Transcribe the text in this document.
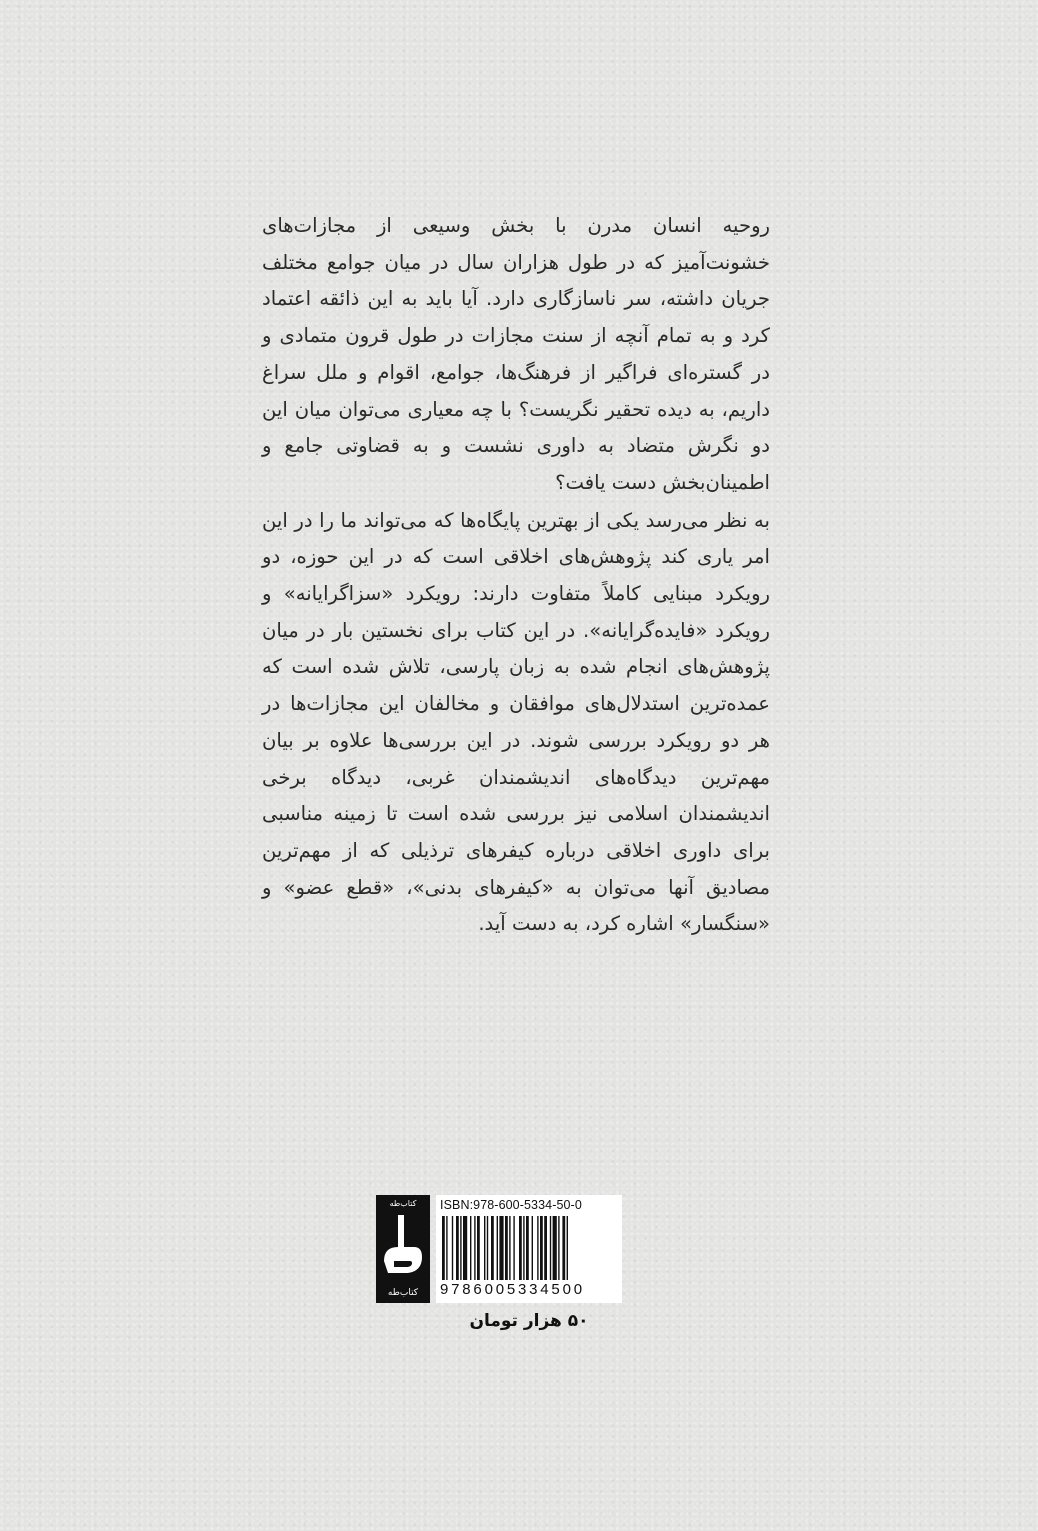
روحیه انسان مدرن با بخش وسیعی از مجازات‌های خشونت‌آمیز که در طول هزاران سال در میان جوامع مختلف جریان داشته، سر ناسازگاری دارد. آیا باید به این ذائقه اعتماد کرد و به تمام آنچه از سنت مجازات در طول قرون متمادی و در گستره‌ای فراگیر از فرهنگ‌ها، جوامع، اقوام و ملل سراغ داریم، به دیده تحقیر نگریست؟ با چه معیاری می‌توان میان این دو نگرش متضاد به داوری نشست و به قضاوتی جامع و اطمینان‌بخش دست یافت؟

به نظر می‌رسد یکی از بهترین پایگاه‌ها که می‌تواند ما را در این امر یاری کند پژوهش‌های اخلاقی است که در این حوزه، دو رویکرد مبنایی کاملاً متفاوت دارند: رویکرد «سزاگرایانه» و رویکرد «فایده‌گرایانه». در این کتاب برای نخستین بار در میان پژوهش‌های انجام شده به زبان پارسی، تلاش شده است که عمده‌ترین استدلال‌های موافقان و مخالفان این مجازات‌ها در هر دو رویکرد بررسی شوند. در این بررسی‌ها علاوه بر بیان مهم‌ترین دیدگاه‌های اندیشمندان غربی، دیدگاه برخی اندیشمندان اسلامی نیز بررسی شده است تا زمینه مناسبی برای داوری اخلاقی درباره کیفرهای ترذیلی که از مهم‌ترین مصادیق آنها می‌توان به «کیفرهای بدنی»، «قطع عضو» و «سنگسار» اشاره کرد، به دست آید.

کتاب‌طه
کتاب‌طه
ISBN:978-600-5334-50-0
9786005334500
۵۰ هزار تومان
